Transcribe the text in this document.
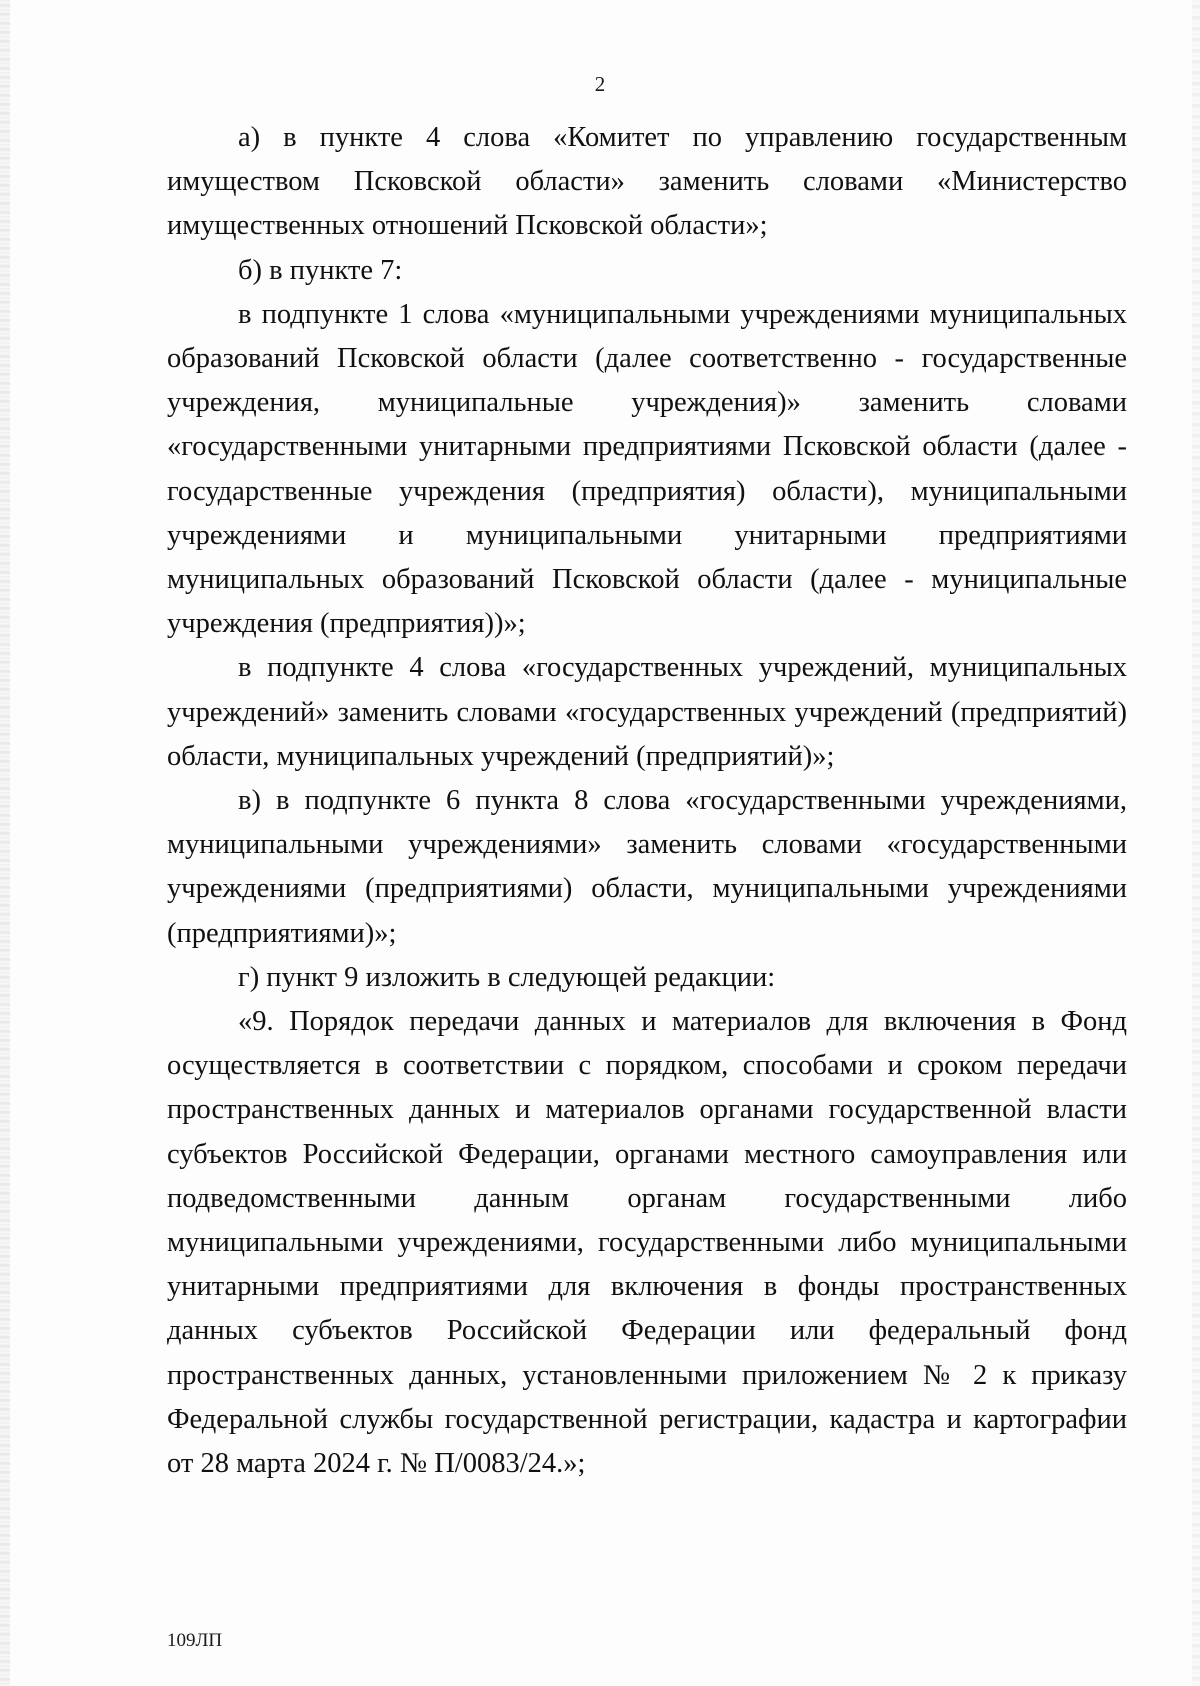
2

а) в пункте 4 слова «Комитет по управлению государственным имуществом Псковской области» заменить словами «Министерство имущественных отношений Псковской области»;

б) в пункте 7:

в подпункте 1 слова «муниципальными учреждениями муниципальных образований Псковской области (далее соответственно - государственные учреждения, муниципальные учреждения)» заменить словами «государственными унитарными предприятиями Псковской области (далее - государственные учреждения (предприятия) области), муниципальными учреждениями и муниципальными унитарными предприятиями муниципальных образований Псковской области (далее - муниципальные учреждения (предприятия))»;

в подпункте 4 слова «государственных учреждений, муниципальных учреждений» заменить словами «государственных учреждений (предприятий) области, муниципальных учреждений (предприятий)»;

в) в подпункте 6 пункта 8 слова «государственными учреждениями, муниципальными учреждениями» заменить словами «государственными учреждениями (предприятиями) области, муниципальными учреждениями (предприятиями)»;

г) пункт 9 изложить в следующей редакции:

«9. Порядок передачи данных и материалов для включения в Фонд осуществляется в соответствии с порядком, способами и сроком передачи пространственных данных и материалов органами государственной власти субъектов Российской Федерации, органами местного самоуправления или подведомственными данным органам государственными либо муниципальными учреждениями, государственными либо муниципальными унитарными предприятиями для включения в фонды пространственных данных субъектов Российской Федерации или федеральный фонд пространственных данных, установленными приложением № 2 к приказу Федеральной службы государственной регистрации, кадастра и картографии от 28 марта 2024 г. № П/0083/24.»;

109ЛП
